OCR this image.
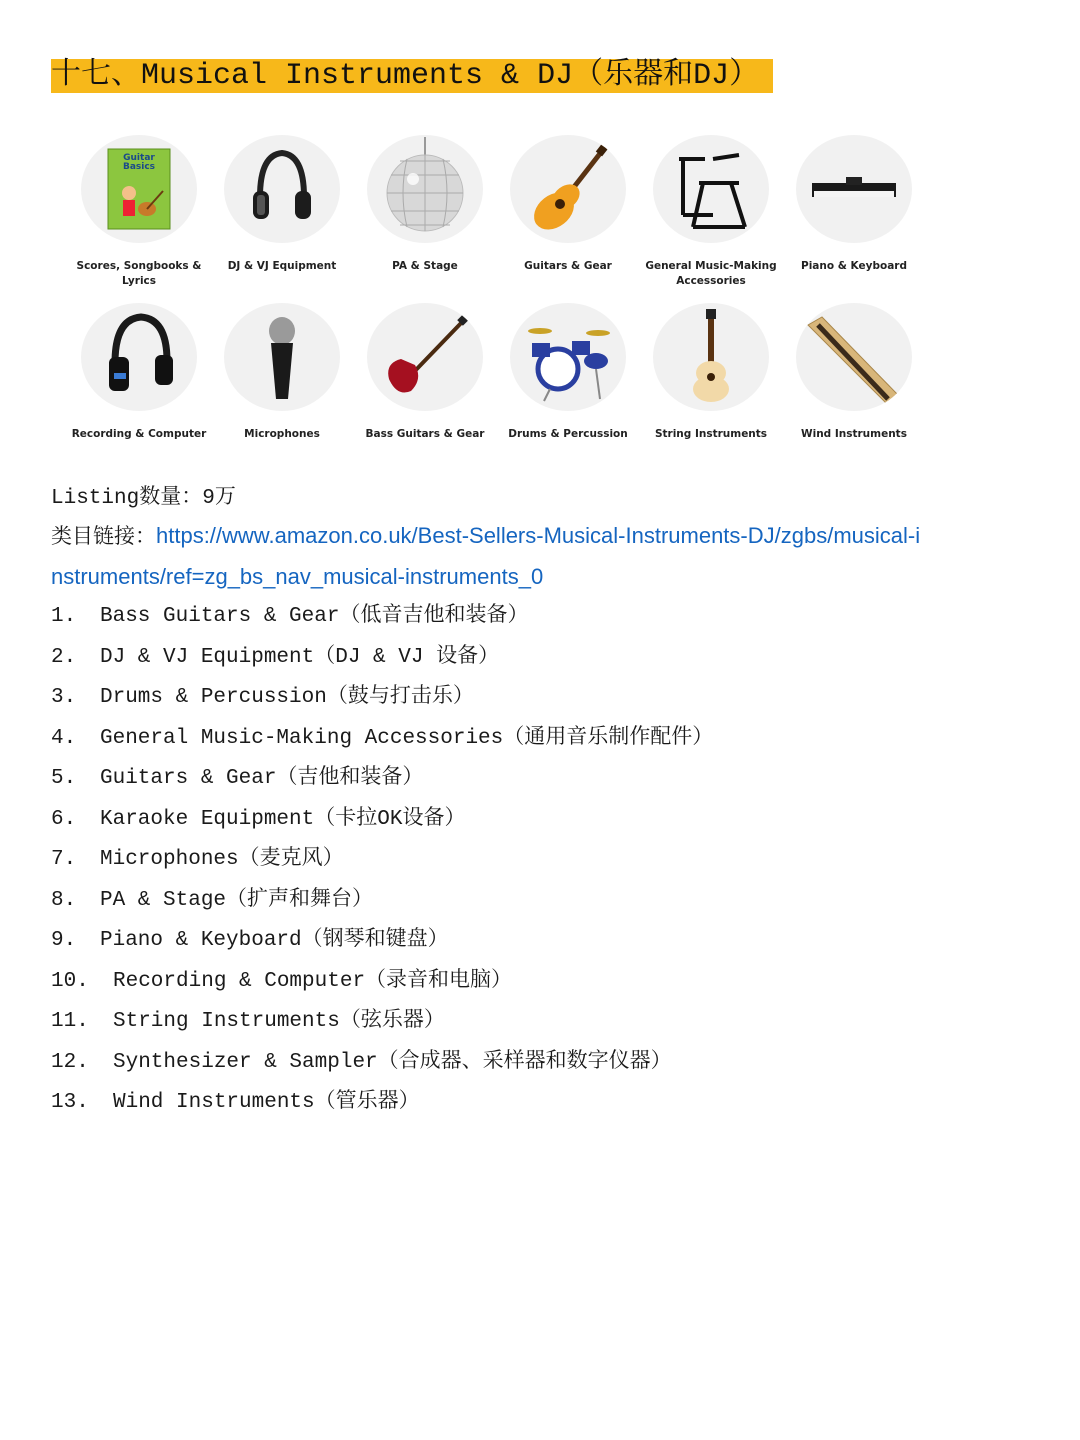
十七、Musical Instruments & DJ（乐器和DJ）
Guitar
Basics
Scores, Songbooks & Lyrics
DJ & VJ Equipment	PA & Stage	Guitars & Gear	General Music-Making Accessories
Piano & Keyboard
Recording & Computer	Microphones	Bass Guitars & Gear	Drums & Percussion	String Instruments	Wind Instruments
Listing数量：9万
类目链接：https://www.amazon.co.uk/Best-Sellers-Musical-Instruments-DJ/zgbs/musical-i
nstruments/ref=zg_bs_nav_musical-instruments_0
1. Bass Guitars & Gear（低音吉他和装备）
2. DJ & VJ Equipment（DJ & VJ 设备）
3. Drums & Percussion（鼓与打击乐）
4. General Music-Making Accessories（通用音乐制作配件）
5. Guitars & Gear（吉他和装备）
6. Karaoke Equipment（卡拉OK设备）
7. Microphones（麦克风）
8. PA & Stage（扩声和舞台）
9. Piano & Keyboard（钢琴和键盘）
10. Recording & Computer（录音和电脑）
11. String Instruments（弦乐器）
12. Synthesizer & Sampler（合成器、采样器和数字仪器）
13. Wind Instruments（管乐器）
